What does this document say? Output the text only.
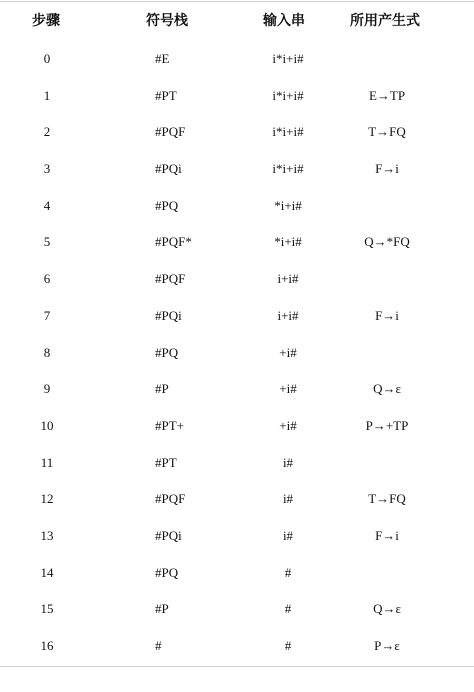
步骤	符号栈	输入串	所用产生式
0	#E	i*i+i#
1	#PT	i*i+i#	E→TP
2	#PQF	i*i+i#	T→FQ
3	#PQi	i*i+i#	F→i
4	#PQ	*i+i#
5	#PQF*	*i+i#	Q→*FQ
6	#PQF	i+i#
7	#PQi	i+i#	F→i
8	#PQ	+i#
9	#P	+i#	Q→ε
10	#PT+	+i#	P→+TP
11	#PT	i#
12	#PQF	i#	T→FQ
13	#PQi	i#	F→i
14	#PQ	#
15	#P	#	Q→ε
16	#	#	P→ε
